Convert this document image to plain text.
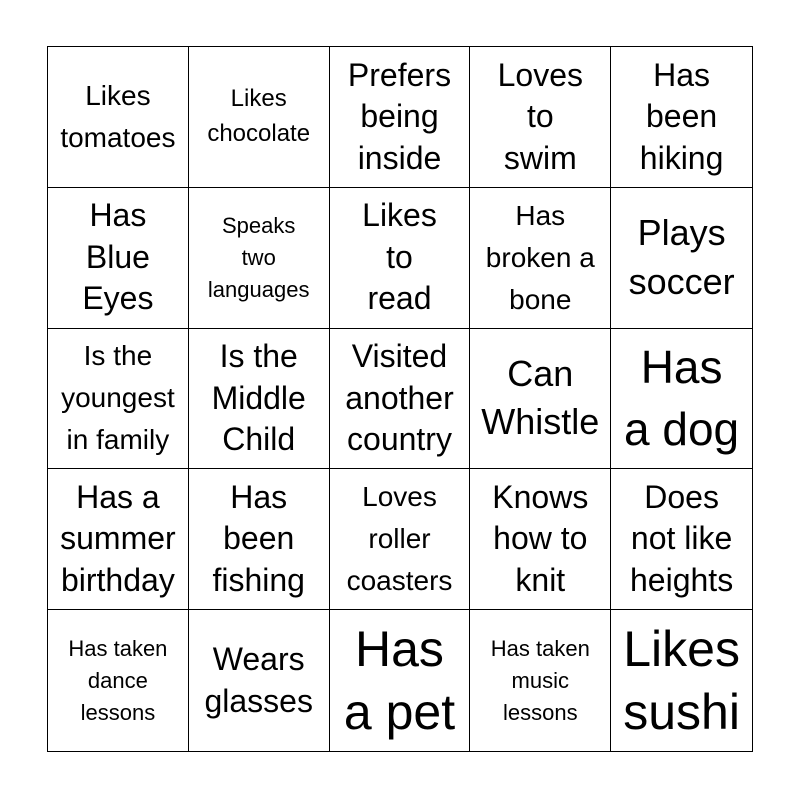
Likes
tomatoes
Likes
chocolate
Prefers
being
inside
Loves
to
swim
Has
been
hiking
Has
Blue
Eyes
Speaks
two
languages
Likes
to
read
Has
broken a
bone
Plays
soccer
Is the
youngest
in family
Is the
Middle
Child
Visited
another
country
Can
Whistle
Has
a dog
Has a
summer
birthday
Has
been
fishing
Loves
roller
coasters
Knows
how to
knit
Does
not like
heights
Has taken
dance
lessons
Wears
glasses
Has
a pet
Has taken
music
lessons
Likes
sushi
